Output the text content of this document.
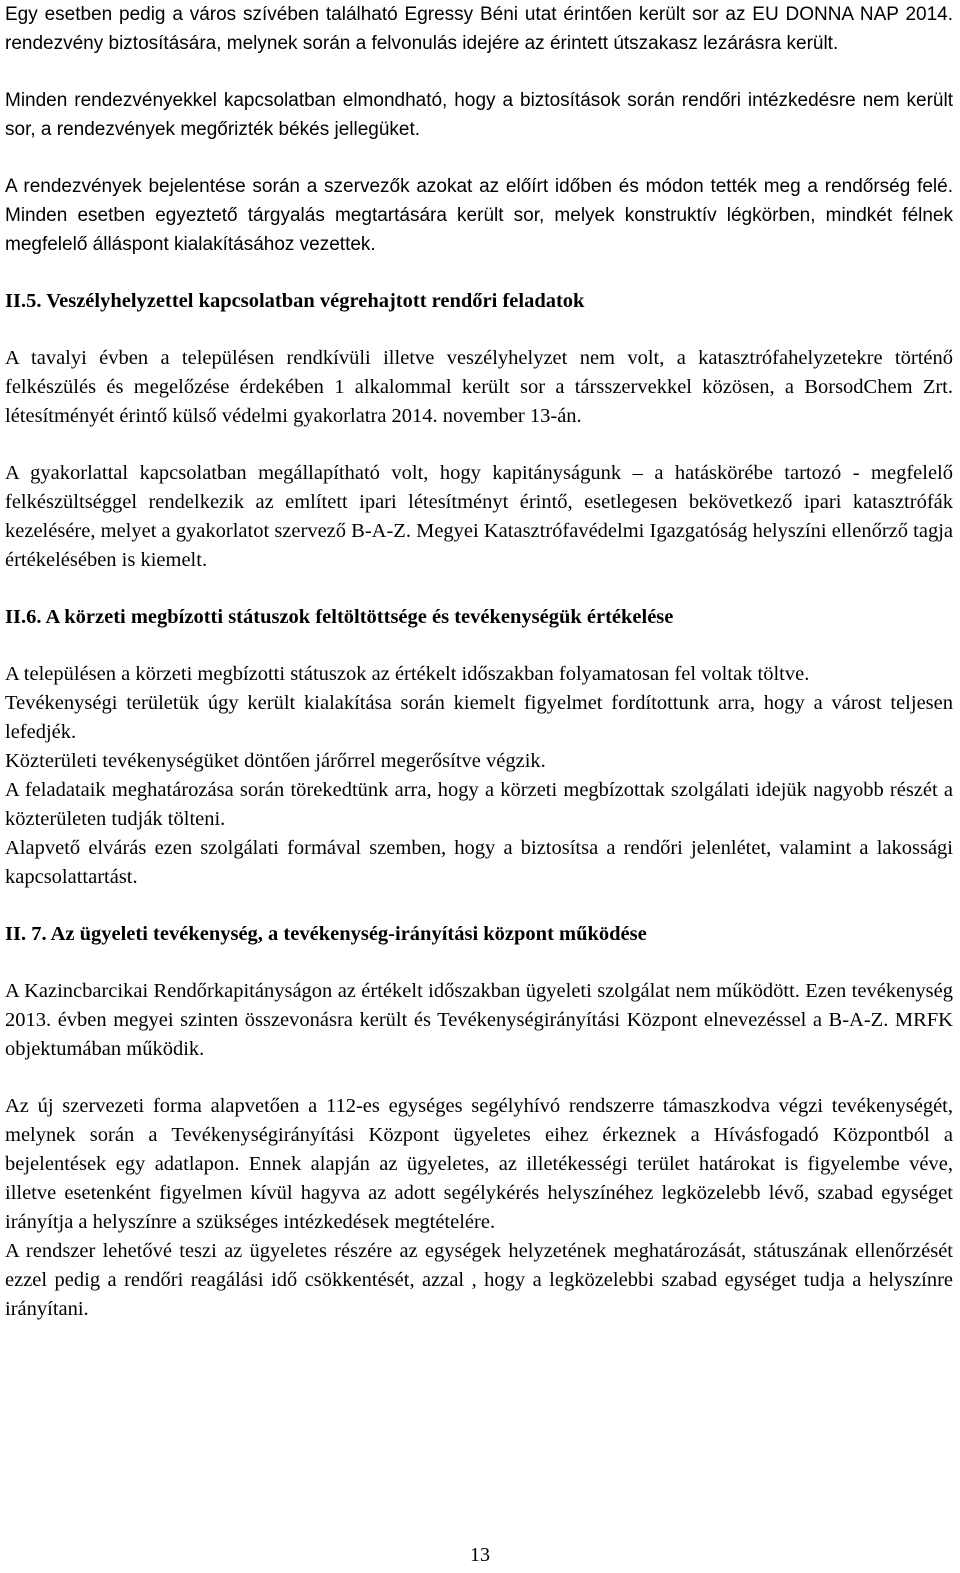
Egy esetben pedig a város szívében található Egressy Béni utat érintően került sor az EU DONNA NAP 2014. rendezvény biztosítására, melynek során a felvonulás idejére az érintett útszakasz lezárásra került.

Minden rendezvényekkel kapcsolatban elmondható, hogy a biztosítások során rendőri intézkedésre nem került sor, a rendezvények megőrizték békés jellegüket.

A rendezvények bejelentése során a szervezők azokat az előírt időben és módon tették meg a rendőrség felé. Minden esetben egyeztető tárgyalás megtartására került sor, melyek konstruktív légkörben, mindkét félnek megfelelő álláspont kialakításához vezettek.

II.5. Veszélyhelyzettel kapcsolatban végrehajtott rendőri feladatok

A tavalyi évben a településen rendkívüli illetve veszélyhelyzet nem volt, a katasztrófahelyzetekre történő felkészülés és megelőzése érdekében 1 alkalommal került sor a társszervekkel közösen, a BorsodChem Zrt. létesítményét érintő külső védelmi gyakorlatra 2014. november 13-án.

A gyakorlattal kapcsolatban megállapítható volt, hogy kapitányságunk – a hatáskörébe tartozó - megfelelő felkészültséggel rendelkezik az említett ipari létesítményt érintő, esetlegesen bekövetkező ipari katasztrófák kezelésére, melyet a gyakorlatot szervező B-A-Z. Megyei Katasztrófavédelmi Igazgatóság helyszíni ellenőrző tagja értékelésében is kiemelt.

II.6. A körzeti megbízotti státuszok feltöltöttsége és tevékenységük értékelése

A településen a körzeti megbízotti státuszok az értékelt időszakban folyamatosan fel voltak töltve.

Tevékenységi területük úgy került kialakítása során kiemelt figyelmet fordítottunk arra, hogy a várost teljesen lefedjék.

Közterületi tevékenységüket döntően járőrrel megerősítve végzik.

A feladataik meghatározása során törekedtünk arra, hogy a körzeti megbízottak szolgálati idejük nagyobb részét a közterületen tudják tölteni.

Alapvető elvárás ezen szolgálati formával szemben, hogy a biztosítsa a rendőri jelenlétet, valamint a lakossági kapcsolattartást.

II. 7. Az ügyeleti tevékenység, a tevékenység-irányítási központ működése

A Kazincbarcikai Rendőrkapitányságon az értékelt időszakban ügyeleti szolgálat nem működött. Ezen tevékenység 2013. évben megyei szinten összevonásra került és Tevékenységirányítási Központ elnevezéssel a B-A-Z. MRFK objektumában működik.

Az új szervezeti forma alapvetően a 112-es egységes segélyhívó rendszerre támaszkodva végzi tevékenységét, melynek során a Tevékenységirányítási Központ ügyeletes eihez érkeznek a Hívásfogadó Központból a bejelentések egy adatlapon. Ennek alapján az ügyeletes, az illetékességi terület határokat is figyelembe véve, illetve esetenként figyelmen kívül hagyva az adott segélykérés helyszínéhez legközelebb lévő, szabad egységet irányítja a helyszínre a szükséges intézkedések megtételére.

A rendszer lehetővé teszi az ügyeletes részére az egységek helyzetének meghatározását, státuszának ellenőrzését ezzel pedig a rendőri reagálási idő csökkentését, azzal , hogy a legközelebbi szabad egységet tudja a helyszínre irányítani.

13
